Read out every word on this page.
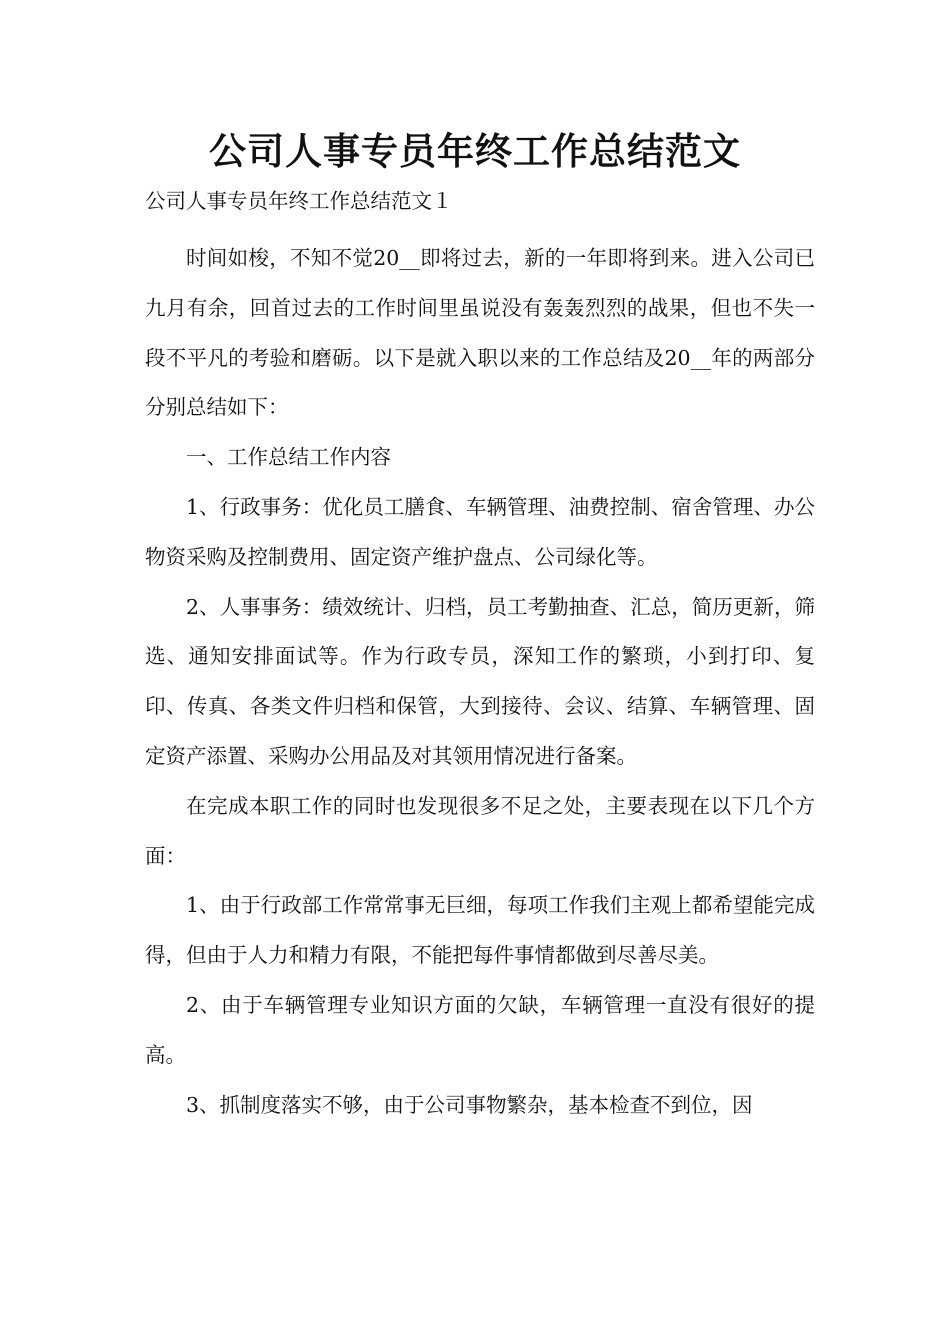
公司人事专员年终工作总结范文
公司人事专员年终工作总结范文１

时间如梭，不知不觉20__即将过去，新的一年即将到来。进入公司已九月有余，回首过去的工作时间里虽说没有轰轰烈烈的战果，但也不失一段不平凡的考验和磨砺。以下是就入职以来的工作总结及20__年的两部分分别总结如下：

一、工作总结工作内容

1、行政事务：优化员工膳食、车辆管理、油费控制、宿舍管理、办公物资采购及控制费用、固定资产维护盘点、公司绿化等。

2、人事事务：绩效统计、归档，员工考勤抽查、汇总，简历更新，筛选、通知安排面试等。作为行政专员，深知工作的繁琐，小到打印、复印、传真、各类文件归档和保管，大到接待、会议、结算、车辆管理、固定资产添置、采购办公用品及对其领用情况进行备案。

在完成本职工作的同时也发现很多不足之处，主要表现在以下几个方面：

1、由于行政部工作常常事无巨细，每项工作我们主观上都希望能完成得，但由于人力和精力有限，不能把每件事情都做到尽善尽美。

2、由于车辆管理专业知识方面的欠缺，车辆管理一直没有很好的提高。

3、抓制度落实不够，由于公司事物繁杂，基本检查不到位，因
